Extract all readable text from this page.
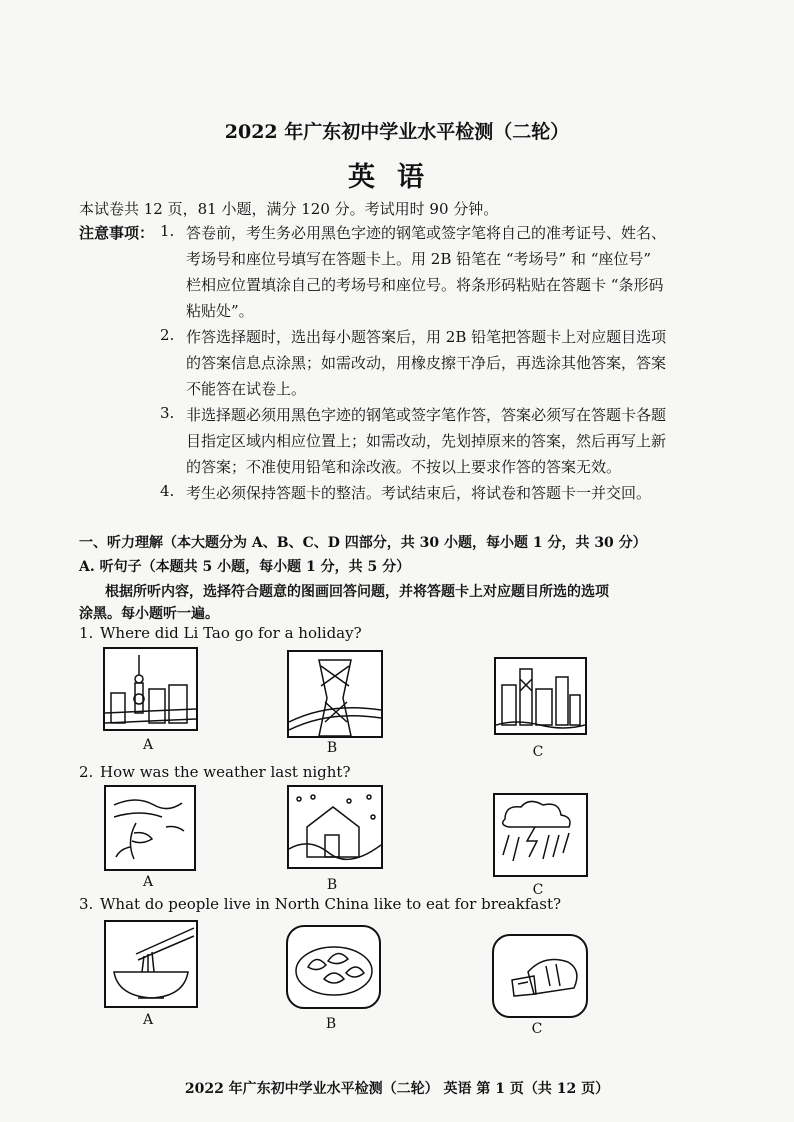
2022 年广东初中学业水平检测（二轮）
英语
本试卷共 12 页，81 小题，满分 120 分。考试用时 90 分钟。
注意事项： 1. 答卷前，考生务必用黑色字迹的钢笔或签字笔将自己的准考证号、姓名、
考场号和座位号填写在答题卡上。用 2B 铅笔在 “考场号” 和 “座位号”
栏相应位置填涂自己的考场号和座位号。将条形码粘贴在答题卡 “条形码
粘贴处”。
2. 作答选择题时，选出每小题答案后，用 2B 铅笔把答题卡上对应题目选项
的答案信息点涂黑；如需改动，用橡皮擦干净后，再选涂其他答案，答案
不能答在试卷上。
3. 非选择题必须用黑色字迹的钢笔或签字笔作答，答案必须写在答题卡各题
目指定区域内相应位置上；如需改动，先划掉原来的答案，然后再写上新
的答案；不准使用铅笔和涂改液。不按以上要求作答的答案无效。
4. 考生必须保持答题卡的整洁。考试结束后，将试卷和答题卡一并交回。
一、听力理解（本大题分为 A、B、C、D 四部分，共 30 小题，每小题 1 分，共 30 分）
A. 听句子（本题共 5 小题，每小题 1 分，共 5 分）
根据所听内容，选择符合题意的图画回答问题，并将答题卡上对应题目所选的选项
涂黑。每小题听一遍。
1. Where did Li Tao go for a holiday?
A	B	C
2. How was the weather last night?
A	B	C
3. What do people live in North China like to eat for breakfast?
A	B	C
2022 年广东初中学业水平检测（二轮） 英语 第 1 页（共 12 页）
